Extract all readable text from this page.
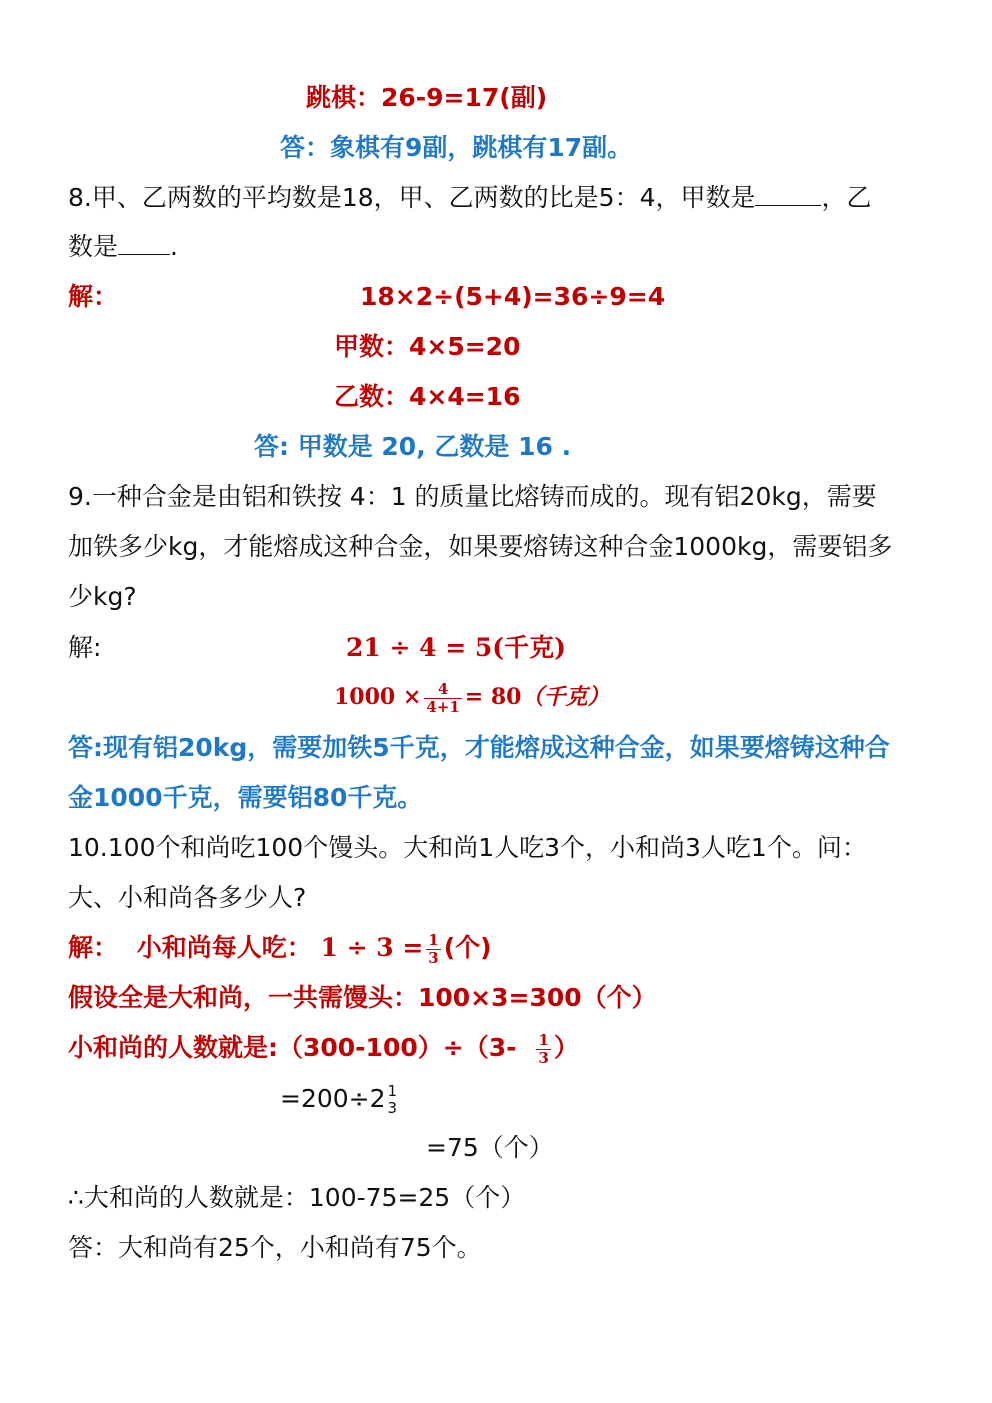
跳棋：26-9=17(副)
答：象棋有9副，跳棋有17副。
8.甲、乙两数的平均数是18，甲、乙两数的比是5：4，甲数是	，乙
数是 .
解：	18×2÷(5+4)=36÷9=4
甲数：4×5=20
乙数：4×4=16
答: 甲数是 20, 乙数是 16 .
9.一种合金是由铝和铁按 4：1 的质量比熔铸而成的。现有铝20kg，需要
加铁多少kg，才能熔成这种合金，如果要熔铸这种合金1000kg，需要铝多
少kg?
解:	21 ÷ 4 = 5(千克)
$1000 \times \frac{4}{4+1} = 80$（千克）
答:现有铝20kg，需要加铁5千克，才能熔成这种合金，如果要熔铸这种合
金1000千克，需要铝80千克。
10.100个和尚吃100个馒头。大和尚1人吃3个，小和尚3人吃1个。问：
大、小和尚各多少人?
解： 小和尚每人吃： $1 \div 3 = \frac{1}{3}$ (个)
假设全是大和尚，一共需馒头：100×3=300（个）
小和尚的人数就是:（300-100）÷（3- $\frac{1}{3}$ ）
=200÷2 1
3
=75（个）
∴大和尚的人数就是：100-75=25（个）
答：大和尚有25个，小和尚有75个。
